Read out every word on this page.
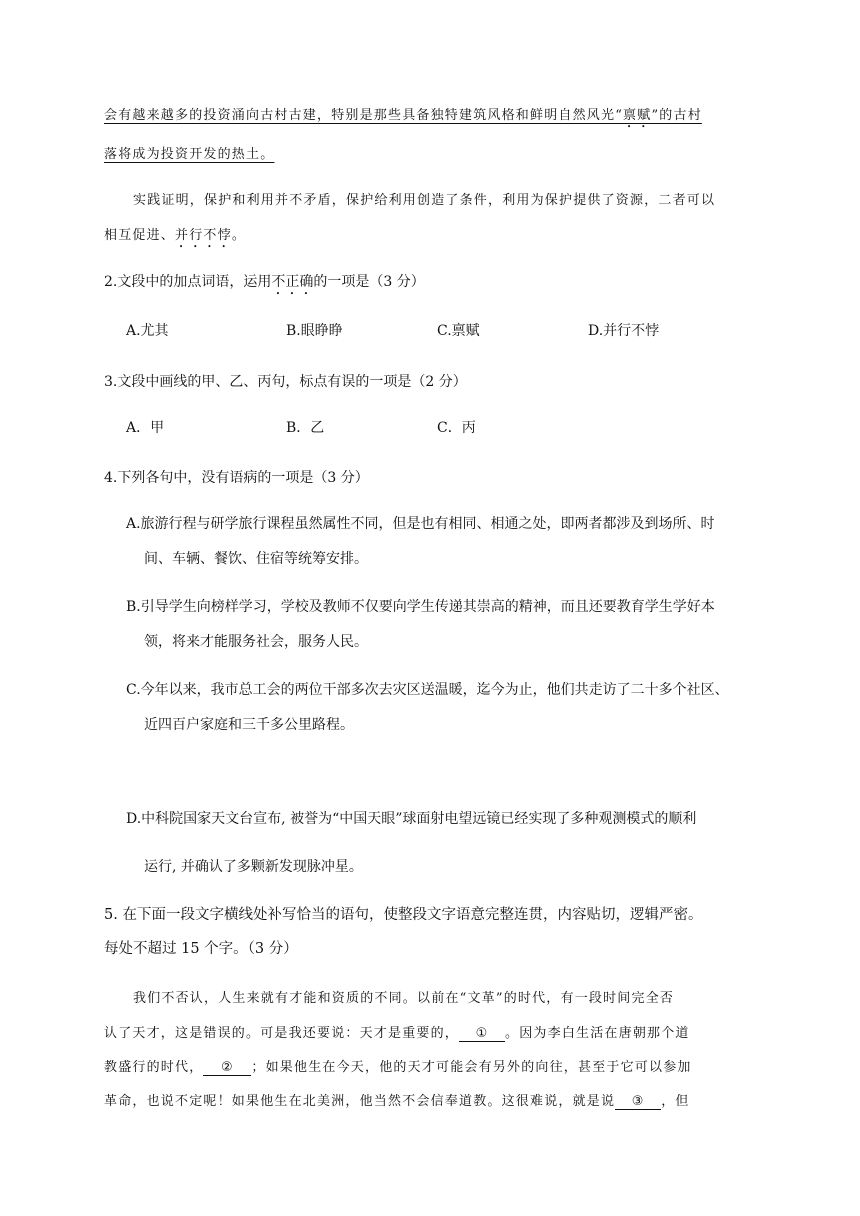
会有越来越多的投资涌向古村古建，特别是那些具备独特建筑风格和鲜明自然风光“禀赋”的古村
落将成为投资开发的热土。
实践证明，保护和利用并不矛盾，保护给利用创造了条件，利用为保护提供了资源，二者可以
相互促进、并行不悖。
2.文段中的加点词语，运用不正确的一项是（3 分）
A.尤其	B.眼睁睁	C.禀赋	D.并行不悖
3.文段中画线的甲、乙、丙句，标点有误的一项是（2 分）
A．甲	B．乙	C．丙
4.下列各句中，没有语病的一项是（3 分）
A.旅游行程与研学旅行课程虽然属性不同，但是也有相同、相通之处，即两者都涉及到场所、时
间、车辆、餐饮、住宿等统筹安排。
B.引导学生向榜样学习，学校及教师不仅要向学生传递其崇高的精神，而且还要教育学生学好本
领，将来才能服务社会，服务人民。
C.今年以来，我市总工会的两位干部多次去灾区送温暖，迄今为止，他们共走访了二十多个社区、
近四百户家庭和三千多公里路程。
D.中科院国家天文台宣布, 被誉为“中国天眼”球面射电望远镜已经实现了多种观测模式的顺利
运行, 并确认了多颗新发现脉冲星。
5. 在下面一段文字横线处补写恰当的语句，使整段文字语意完整连贯，内容贴切，逻辑严密。
每处不超过 15 个字。（3 分）
我们不否认，人生来就有才能和资质的不同。以前在“文革”的时代，有一段时间完全否
认了天才，这是错误的。可是我还要说：天才是重要的， ① 。因为李白生活在唐朝那个道
教盛行的时代， ② ；如果他生在今天，他的天才可能会有另外的向往，甚至于它可以参加
革命，也说不定呢！如果他生在北美洲，他当然不会信奉道教。这很难说，就是说 ③ ，但
